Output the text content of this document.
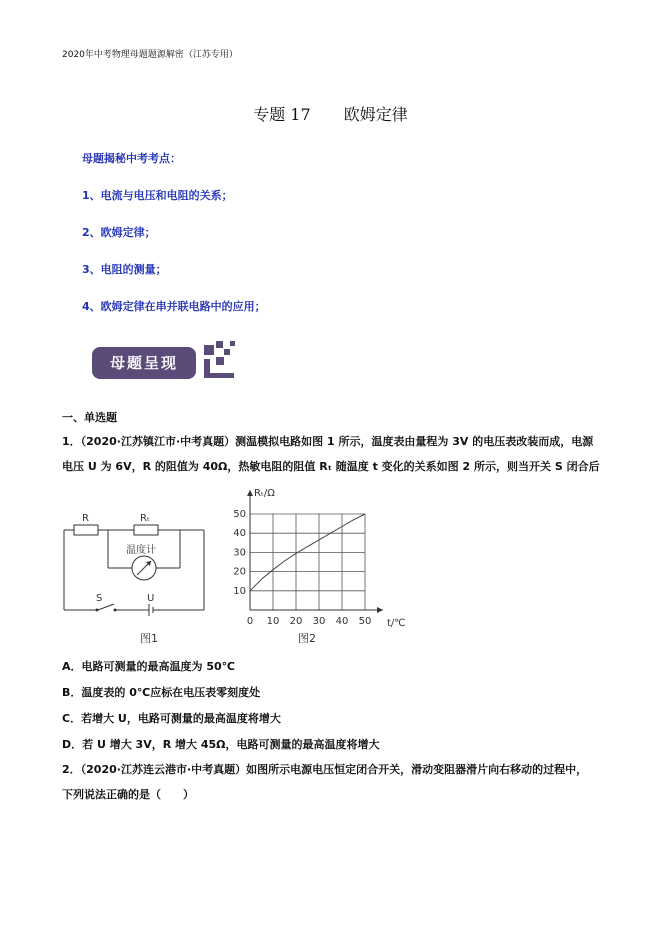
2020年中考物理母题题源解密（江苏专用）
专题 17 欧姆定律
母题揭秘中考考点：
1、电流与电压和电阻的关系；
2、欧姆定律；
3、电阻的测量；
4、欧姆定律在串并联电路中的应用；
母题呈现
一、单选题
1．（2020·江苏镇江市·中考真题）测温模拟电路如图 1 所示，温度表由量程为 3V 的电压表改装而成，电源
电压 U 为 6V，R 的阻值为 40Ω，热敏电阻的阻值 Rₜ 随温度 t 变化的关系如图 2 所示，则当开关 S 闭合后
R	Rₜ
温度计
S	U
图1
0 10 20 30 40 50
10
20
30
40
50
Rₜ/Ω
t/℃
图2
A．电路可测量的最高温度为 50℃
B．温度表的 0℃应标在电压表零刻度处
C．若增大 U，电路可测量的最高温度将增大
D．若 U 增大 3V，R 增大 45Ω，电路可测量的最高温度将增大
2．（2020·江苏连云港市·中考真题）如图所示电源电压恒定闭合开关，滑动变阻器滑片向右移动的过程中，
下列说法正确的是（　　）
